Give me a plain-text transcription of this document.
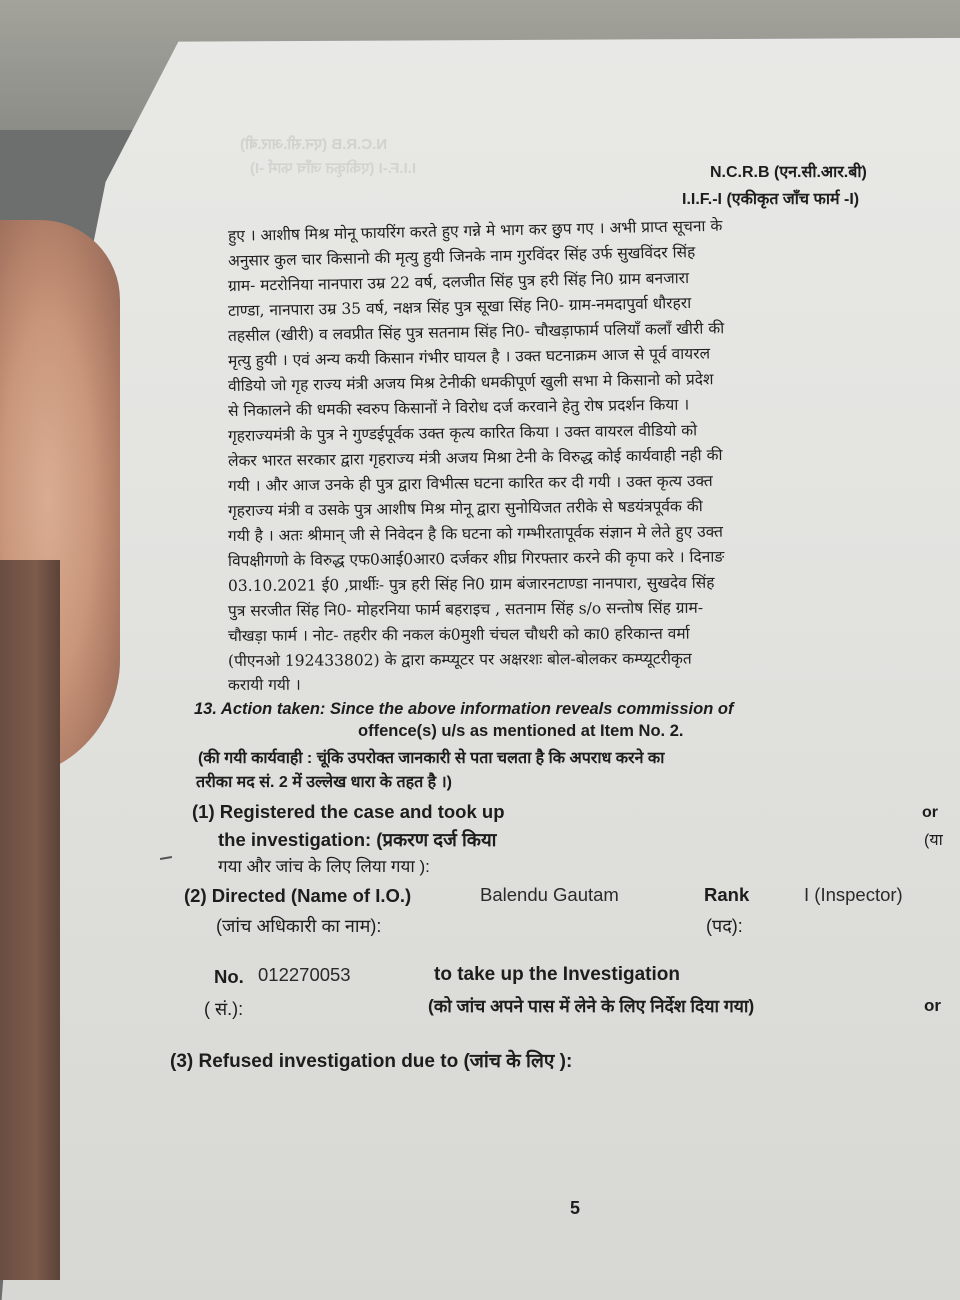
N.C.R.B (एन.सी.आर.बी)
I.I.F.-I (एकीकृत जाँच फार्म -I)	N.C.R.B (एन.सी.आर.बी)
I.I.F.-I (एकीकृत जाँच फार्म -I)
हुए । आशीष मिश्र मोनू फायरिंग करते हुए गन्ने मे भाग कर छुप गए । अभी प्राप्त सूचना के
अनुसार कुल चार किसानो की मृत्यु हुयी जिनके नाम गुरविंदर सिंह उर्फ सुखविंदर सिंह
ग्राम- मटरोनिया नानपारा उम्र 22 वर्ष, दलजीत सिंह पुत्र हरी सिंह नि0 ग्राम बनजारा
टाण्डा, नानपारा उम्र 35 वर्ष, नक्षत्र सिंह पुत्र सूखा सिंह नि0- ग्राम-नमदापुर्वा धौरहरा
तहसील (खीरी) व लवप्रीत सिंह पुत्र सतनाम सिंह नि0- चौखड़ाफार्म पलियाँ कलाँ खीरी की
मृत्यु हुयी । एवं अन्य कयी किसान गंभीर घायल है । उक्त घटनाक्रम आज से पूर्व वायरल
वीडियो जो गृह राज्य मंत्री अजय मिश्र टेनीकी धमकीपूर्ण खुली सभा मे किसानो को प्रदेश
से निकालने की धमकी स्वरुप किसानों ने विरोध दर्ज करवाने हेतु रोष प्रदर्शन किया ।
गृहराज्यमंत्री के पुत्र ने गुण्डईपूर्वक उक्त कृत्य कारित किया । उक्त वायरल वीडियो को
लेकर भारत सरकार द्वारा गृहराज्य मंत्री अजय मिश्रा टेनी के विरुद्ध कोई कार्यवाही नही की
गयी । और आज उनके ही पुत्र द्वारा विभीत्स घटना कारित कर दी गयी । उक्त कृत्य उक्त
गृहराज्य मंत्री व उसके पुत्र आशीष मिश्र मोनू द्वारा सुनोयिजत तरीके से षडयंत्रपूर्वक की
गयी है । अतः श्रीमान् जी से निवेदन है कि घटना को गम्भीरतापूर्वक संज्ञान मे लेते हुए उक्त
विपक्षीगणो के विरुद्ध एफ0आई0आर0 दर्जकर शीघ्र गिरफ्तार करने की कृपा करे । दिनाङ
03.10.2021 ई0 ,प्रार्थीः- पुत्र हरी सिंह नि0 ग्राम बंजारनटाण्डा नानपारा, सुखदेव सिंह
पुत्र सरजीत सिंह नि0- मोहरनिया फार्म बहराइच , सतनाम सिंह s/o सन्तोष सिंह ग्राम-
चौखड़ा फार्म । नोट- तहरीर की नकल कं0मुशी चंचल चौधरी को का0 हरिकान्त वर्मा
(पीएनओ 192433802) के द्वारा कम्प्यूटर पर अक्षरशः बोल-बोलकर कम्प्यूटरीकृत
करायी गयी ।
13. Action taken: Since the above information reveals commission of
offence(s) u/s as mentioned at Item No. 2.
(की गयी कार्यवाही : चूंकि उपरोक्त जानकारी से पता चलता है कि अपराध करने का
तरीका मद सं. 2 में उल्लेख धारा के तहत है ।)
(1) Registered the case and took up
the investigation: (प्रकरण दर्ज किया
गया और जांच के लिए लिया गया ):
or
(या
(2) Directed (Name of I.O.)	Balendu Gautam	Rank	I (Inspector)
(जांच अधिकारी का नाम):	(पद):
No. 012270053	to take up the Investigation
( सं.):	(को जांच अपने पास में लेने के लिए निर्देश दिया गया)	or
(3) Refused investigation due to (जांच के लिए ):
5
